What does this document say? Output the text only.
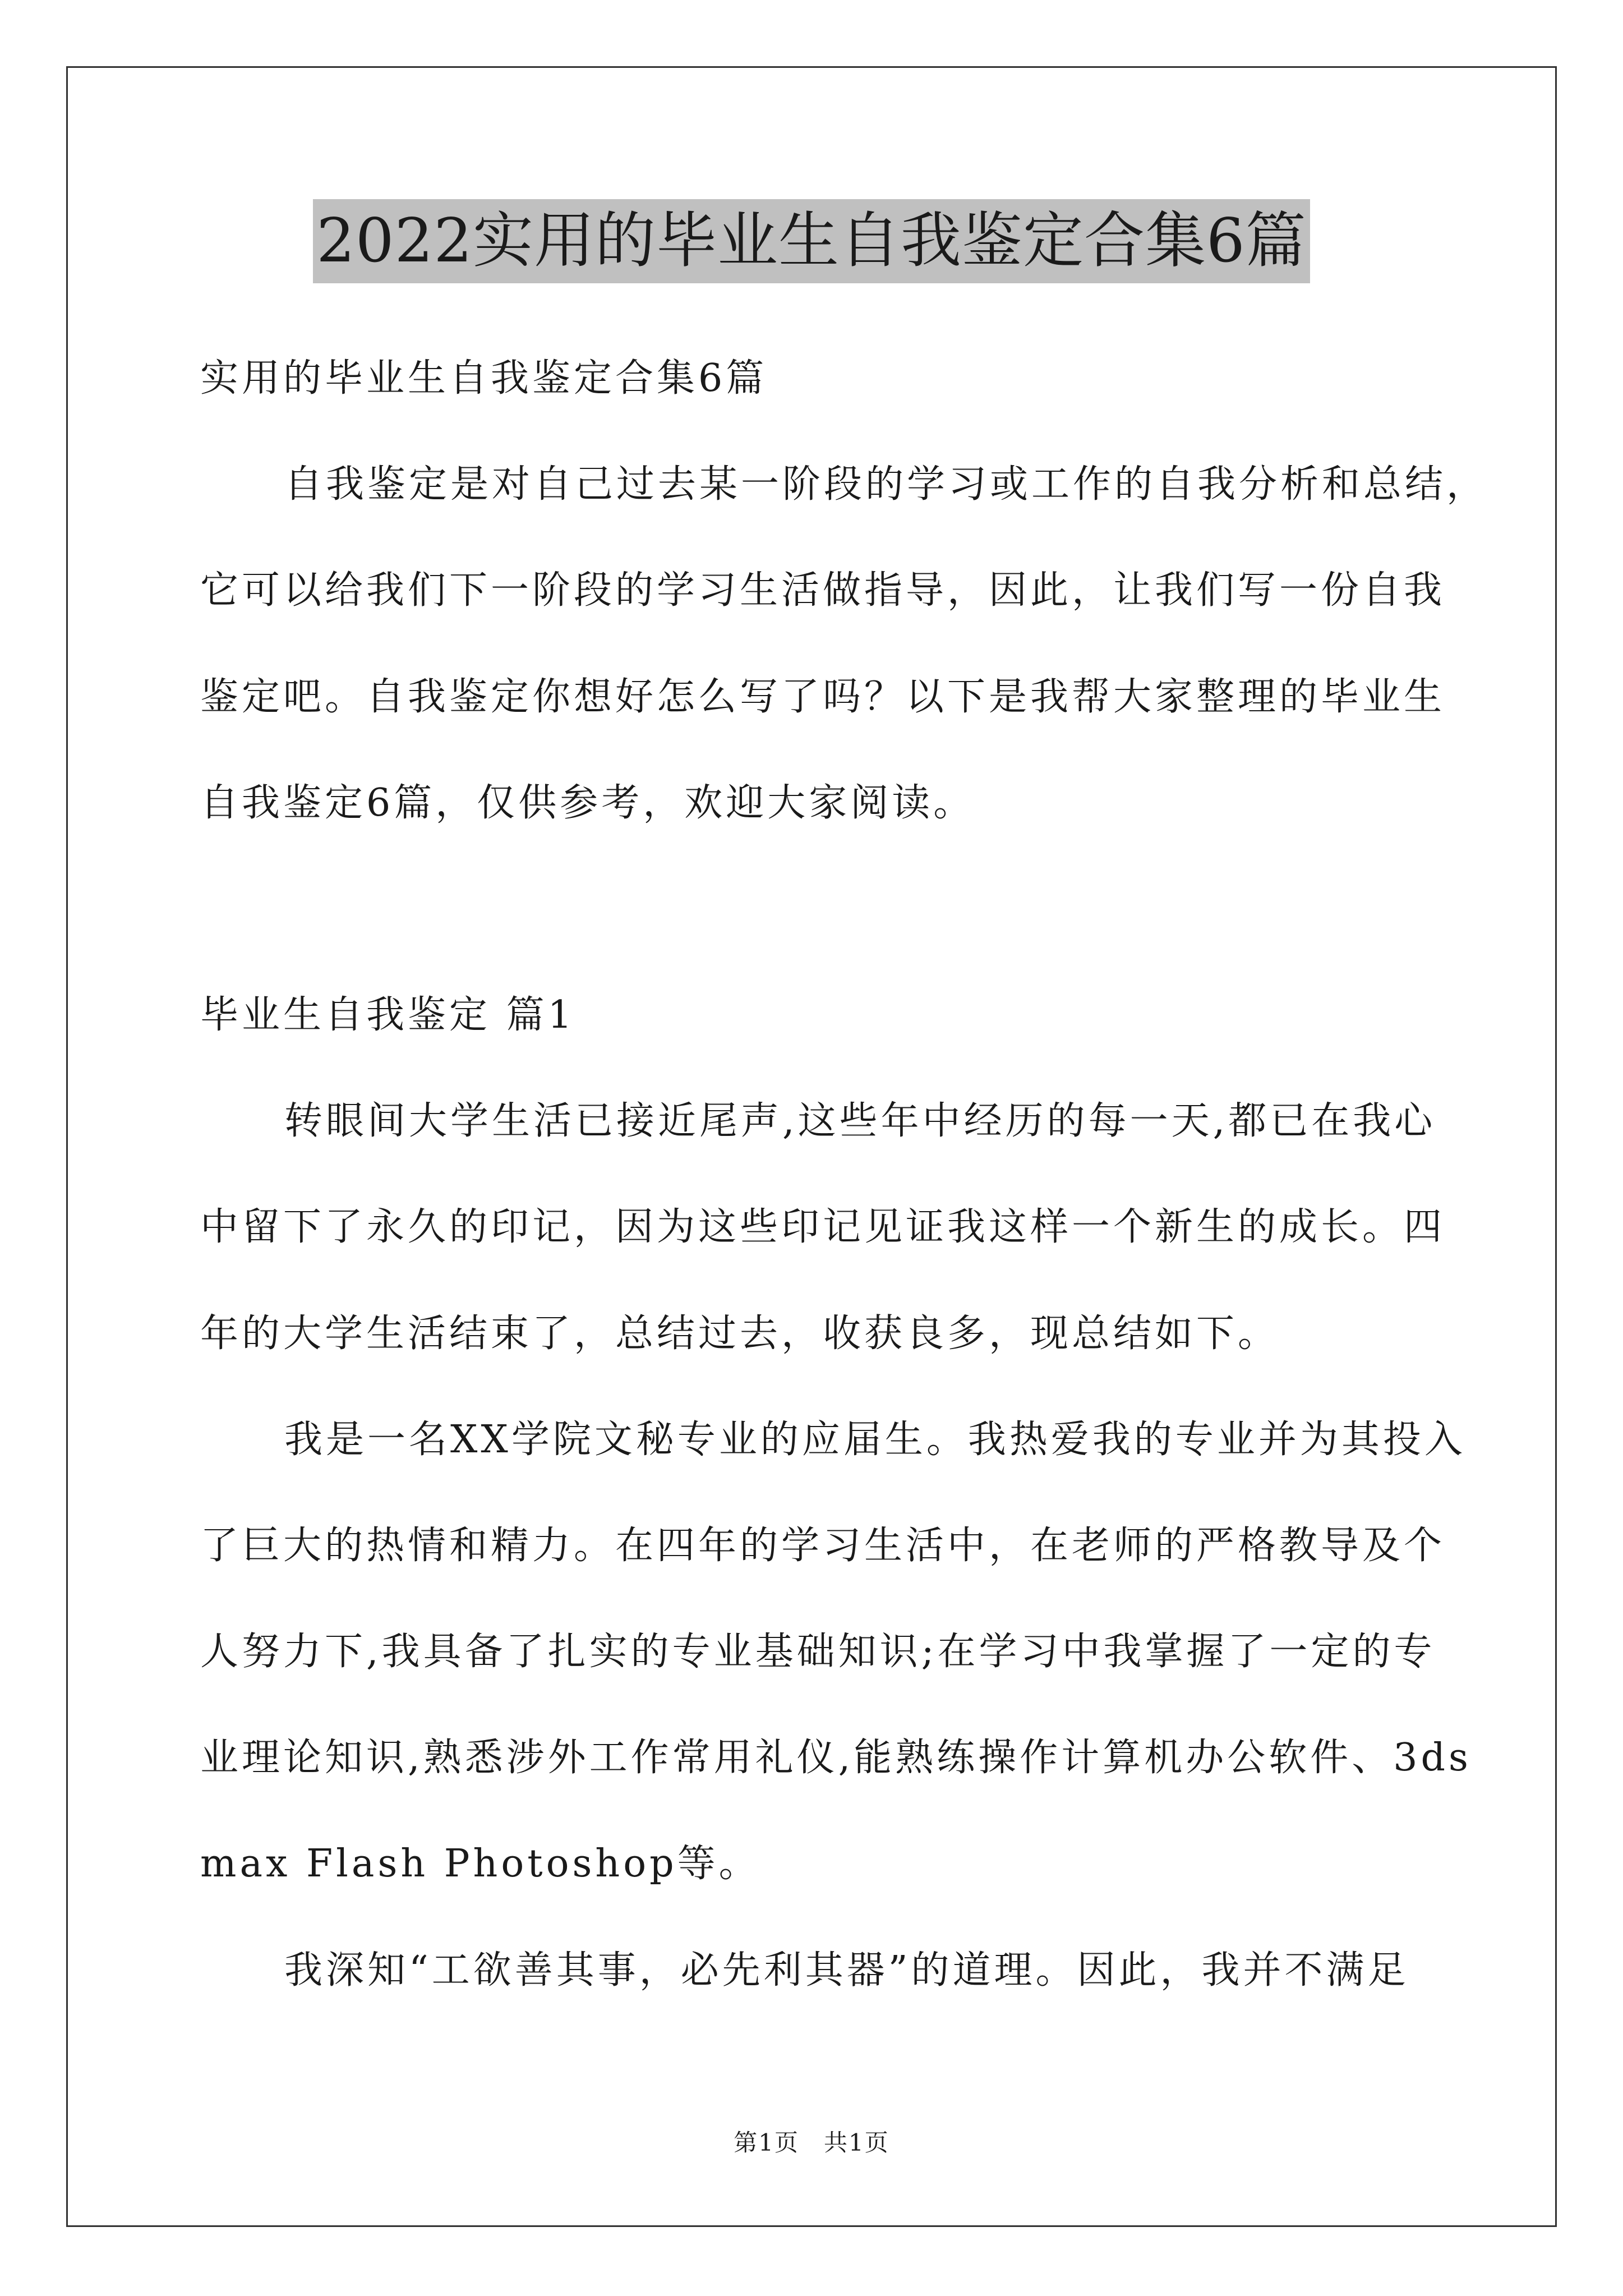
2022实用的毕业生自我鉴定合集6篇
实用的毕业生自我鉴定合集6篇
自我鉴定是对自己过去某一阶段的学习或工作的自我分析和总结，
它可以给我们下一阶段的学习生活做指导，因此，让我们写一份自我
鉴定吧。自我鉴定你想好怎么写了吗？以下是我帮大家整理的毕业生
自我鉴定6篇，仅供参考，欢迎大家阅读。
毕业生自我鉴定 篇1
转眼间大学生活已接近尾声,这些年中经历的每一天,都已在我心
中留下了永久的印记，因为这些印记见证我这样一个新生的成长。四
年的大学生活结束了，总结过去，收获良多，现总结如下。
我是一名XX学院文秘专业的应届生。我热爱我的专业并为其投入
了巨大的热情和精力。在四年的学习生活中，在老师的严格教导及个
人努力下,我具备了扎实的专业基础知识;在学习中我掌握了一定的专
业理论知识,熟悉涉外工作常用礼仪,能熟练操作计算机办公软件、3ds
max Flash Photoshop等。
我深知“工欲善其事，必先利其器”的道理。因此，我并不满足
第1页　共1页
